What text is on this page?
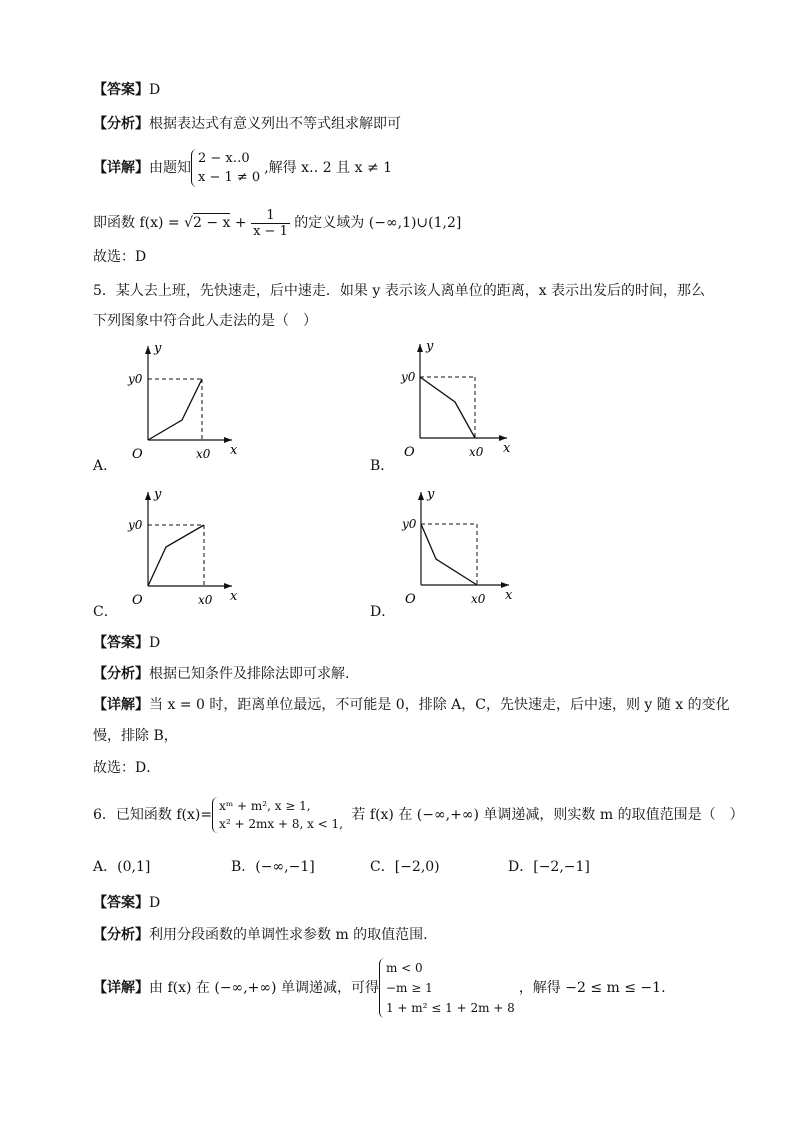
【答案】D
【分析】根据表达式有意义列出不等式组求解即可
【详解】由题知
2 − x‥0
x − 1 ≠ 0
,解得 x‥ 2 且 x ≠ 1
即函数 $f(x) = √2 - x + \frac{1}{x - 1}$ 的定义域为 (−∞,1)∪(1,2]
故选：D
5．某人去上班，先快速走，后中速走．如果 y 表示该人离单位的距离，x 表示出发后的时间，那么
下列图象中符合此人走法的是（　）
y
x
O
y0
x0
A．
y
x
O
y0
x0
B．
y
x
O
y0
x0
C．
y
x
O
y0
x0
D．
【答案】D
【分析】根据已知条件及排除法即可求解.
【详解】当 x = 0 时，距离单位最远，不可能是 0，排除 A，C，先快速走，后中速，则 y 随 x 的变化
慢，排除 B，
故选：D．
6．已知函数 f(x)=
xᵐ + m², x ≥ 1,
x² + 2mx + 8, x < 1,
若 f(x) 在 (−∞,+∞) 单调递减，则实数 m 的取值范围是（　）
A．(0,1]	B．(−∞,−1]	C．[−2,0)	D．[−2,−1]
【答案】D
【分析】利用分段函数的单调性求参数 m 的取值范围.
【详解】由 f(x) 在 (−∞,+∞) 单调递减，可得
m < 0
−m ≥ 1
1 + m² ≤ 1 + 2m + 8
，解得 −2 ≤ m ≤ −1.
